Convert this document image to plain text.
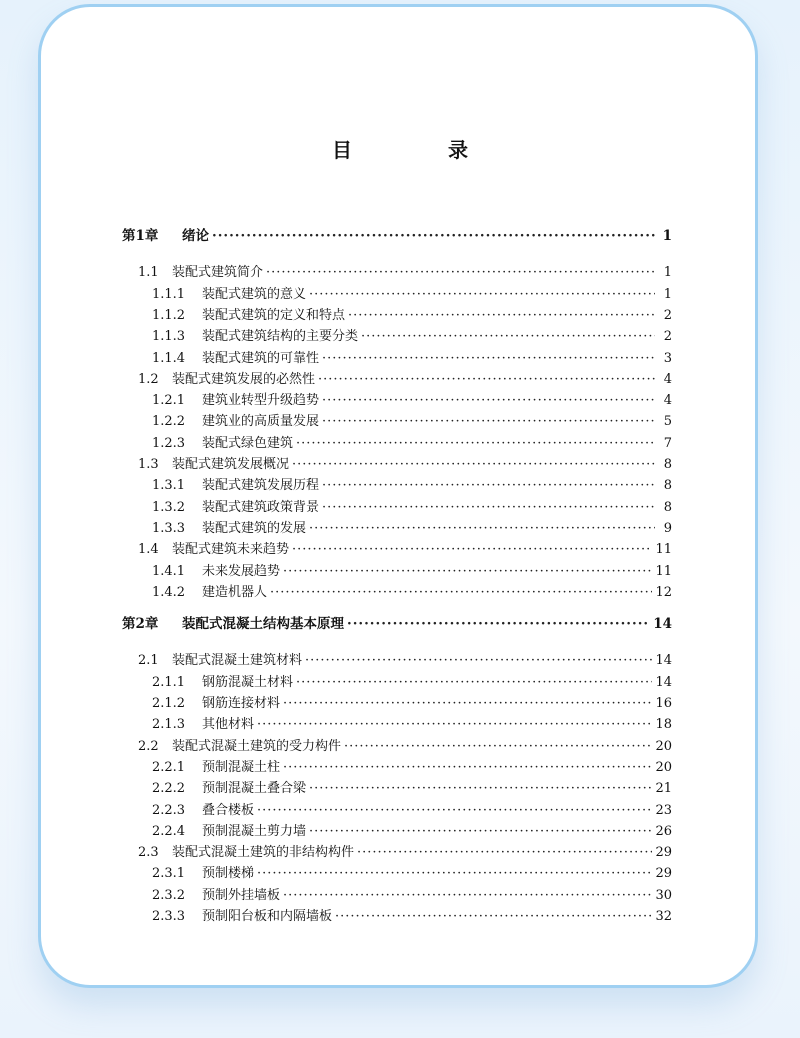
目　录
第1章	绪论 ·····	1
1.1	装配式建筑简介 ·····	1
1.1.1	装配式建筑的意义 ·····	1
1.1.2	装配式建筑的定义和特点 ·····	2
1.1.3	装配式建筑结构的主要分类 ·····	2
1.1.4	装配式建筑的可靠性 ·····	3
1.2	装配式建筑发展的必然性 ·····	4
1.2.1	建筑业转型升级趋势 ·····	4
1.2.2	建筑业的高质量发展 ·····	5
1.2.3	装配式绿色建筑 ·····	7
1.3	装配式建筑发展概况 ·····	8
1.3.1	装配式建筑发展历程 ·····	8
1.3.2	装配式建筑政策背景 ·····	8
1.3.3	装配式建筑的发展 ·····	9
1.4	装配式建筑未来趋势 ·····	11
1.4.1	未来发展趋势 ·····	11
1.4.2	建造机器人 ·····	12
第2章	装配式混凝土结构基本原理 ·····	14
2.1	装配式混凝土建筑材料 ·····	14
2.1.1	钢筋混凝土材料 ·····	14
2.1.2	钢筋连接材料 ·····	16
2.1.3	其他材料 ·····	18
2.2	装配式混凝土建筑的受力构件 ·····	20
2.2.1	预制混凝土柱 ·····	20
2.2.2	预制混凝土叠合梁 ·····	21
2.2.3	叠合楼板 ·····	23
2.2.4	预制混凝土剪力墙 ·····	26
2.3	装配式混凝土建筑的非结构构件 ·····	29
2.3.1	预制楼梯 ·····	29
2.3.2	预制外挂墙板 ·····	30
2.3.3	预制阳台板和内隔墙板 ·····	32
